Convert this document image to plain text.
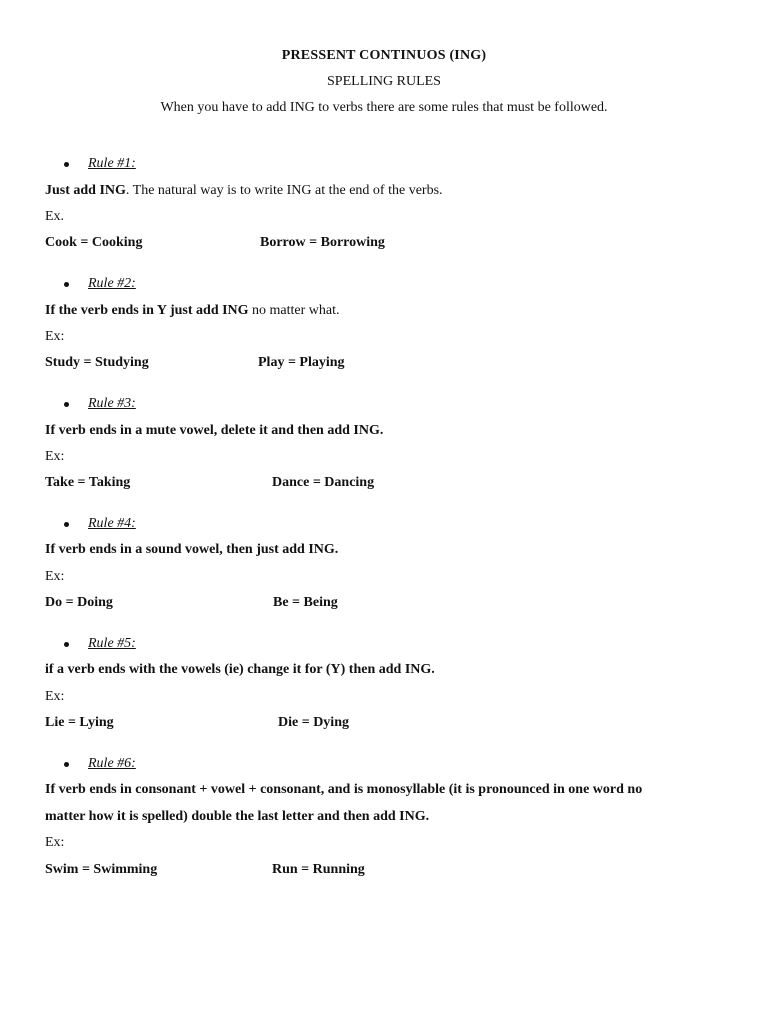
PRESSENT CONTINUOS (ING)
SPELLING RULES
When you have to add ING to verbs there are some rules that must be followed.
Rule #1:
Just add ING. The natural way is to write ING at the end of the verbs.
Ex.
Cook = Cooking	Borrow = Borrowing
Rule #2:
If the verb ends in Y just add ING no matter what.
Ex:
Study = Studying	Play = Playing
Rule #3:
If verb ends in a mute vowel, delete it and then add ING.
Ex:
Take = Taking	Dance = Dancing
Rule #4:
If verb ends in a sound vowel, then just add ING.
Ex:
Do = Doing	Be = Being
Rule #5:
if a verb ends with the vowels (ie) change it for (Y) then add ING.
Ex:
Lie = Lying	Die = Dying
Rule #6:
If verb ends in consonant + vowel + consonant, and is monosyllable (it is pronounced in one word no
matter how it is spelled) double the last letter and then add ING.
Ex:
Swim = Swimming	Run = Running
